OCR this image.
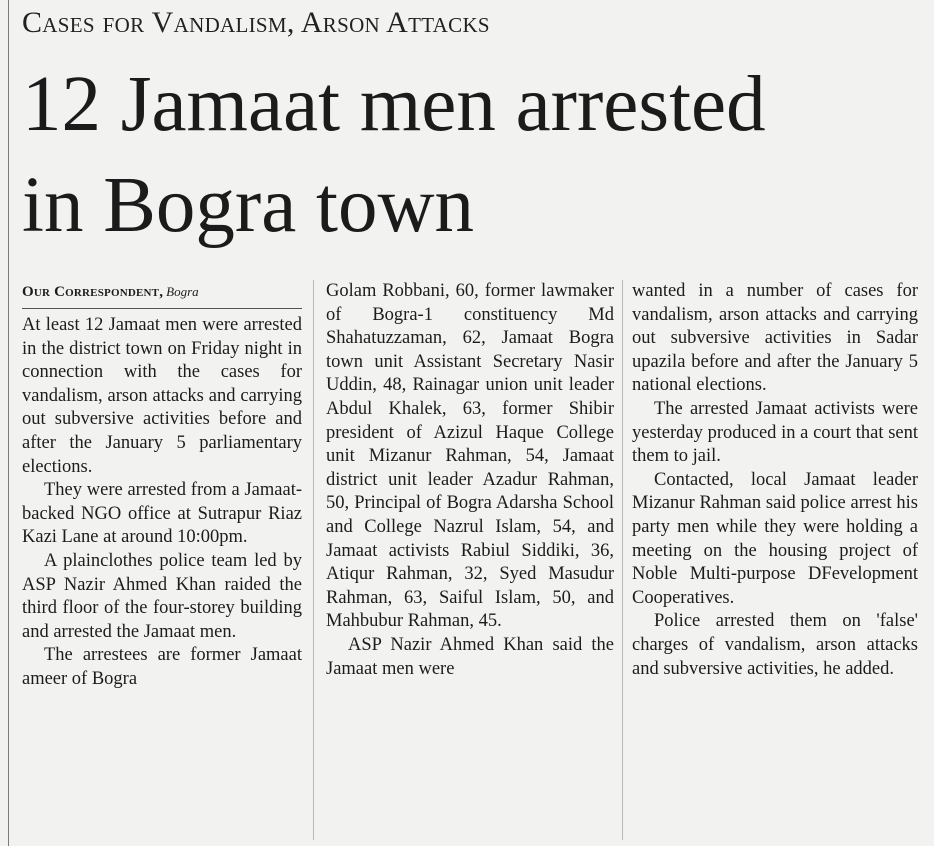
Cases for Vandalism, Arson Attacks
12 Jamaat men arrested
in Bogra town
Our Correspondent, Bogra

At least 12 Jamaat men were arrested in the district town on Friday night in connection with the cases for vandalism, arson attacks and carrying out subversive activities before and after the January 5 parliamentary elections.

They were arrested from a Jamaat-backed NGO office at Sutrapur Riaz Kazi Lane at around 10:00pm.

A plainclothes police team led by ASP Nazir Ahmed Khan raided the third floor of the four-storey building and arrested the Jamaat men.

The arrestees are former Jamaat ameer of Bogra

Golam Robbani, 60, former lawmaker of Bogra-1 constituency Md Shahatuzzaman, 62, Jamaat Bogra town unit Assistant Secretary Nasir Uddin, 48, Rainagar union unit leader Abdul Khalek, 63, former Shibir president of Azizul Haque College unit Mizanur Rahman, 54, Jamaat district unit leader Azadur Rahman, 50, Principal of Bogra Adarsha School and College Nazrul Islam, 54, and Jamaat activists Rabiul Siddiki, 36, Atiqur Rahman, 32, Syed Masudur Rahman, 63, Saiful Islam, 50, and Mahbubur Rahman, 45.

ASP Nazir Ahmed Khan said the Jamaat men were

wanted in a number of cases for vandalism, arson attacks and carrying out subversive activities in Sadar upazila before and after the January 5 national elections.

The arrested Jamaat activists were yesterday produced in a court that sent them to jail.

Contacted, local Jamaat leader Mizanur Rahman said police arrest his party men while they were holding a meeting on the housing project of Noble Multi-purpose DFevelopment Cooperatives.

Police arrested them on 'false' charges of vandalism, arson attacks and subversive activities, he added.
